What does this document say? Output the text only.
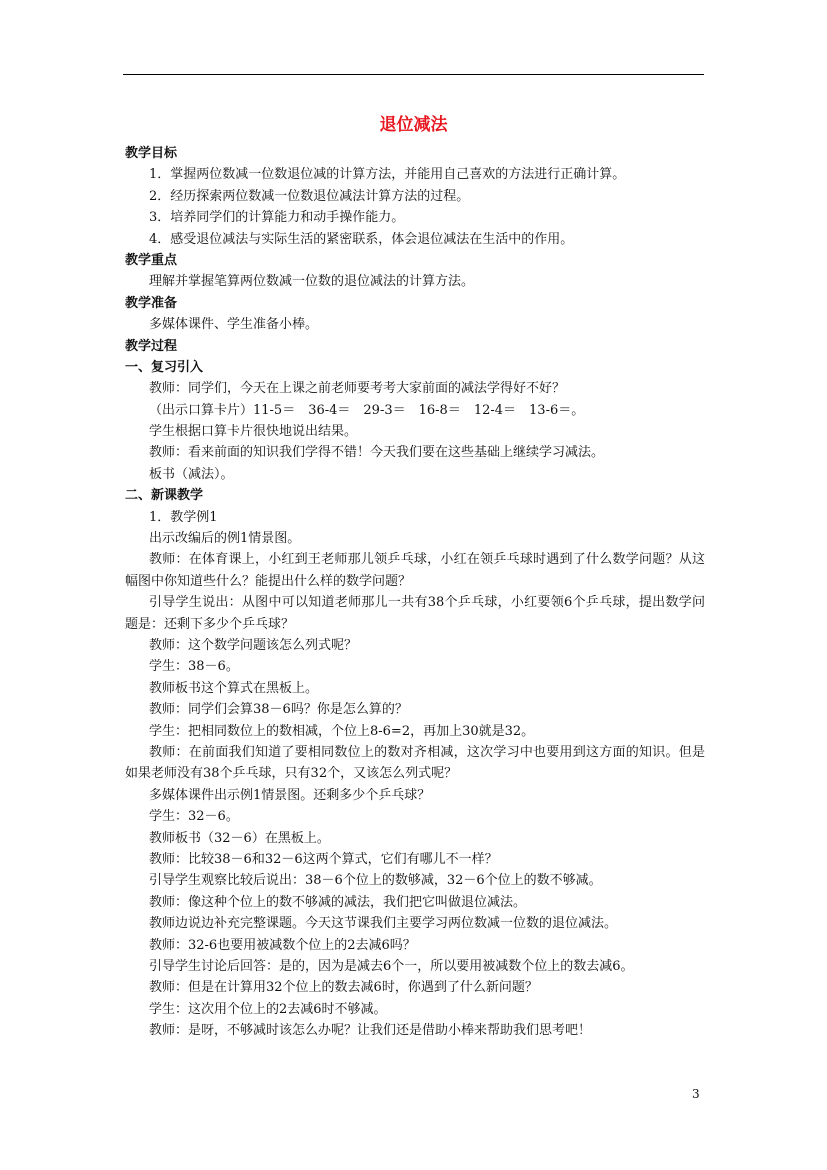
退位减法
教学目标
1．掌握两位数减一位数退位减的计算方法，并能用自己喜欢的方法进行正确计算。
2．经历探索两位数减一位数退位减法计算方法的过程。
3．培养同学们的计算能力和动手操作能力。
4．感受退位减法与实际生活的紧密联系，体会退位减法在生活中的作用。
教学重点
理解并掌握笔算两位数减一位数的退位减法的计算方法。
教学准备
多媒体课件、学生准备小棒。
教学过程
一、复习引入
教师：同学们，今天在上课之前老师要考考大家前面的减法学得好不好？
（出示口算卡片）11-5＝　36-4＝　29-3＝　16-8＝　12-4＝　13-6＝。
学生根据口算卡片很快地说出结果。
教师：看来前面的知识我们学得不错！今天我们要在这些基础上继续学习减法。
板书（减法）。
二、新课教学
1．教学例1
出示改编后的例1情景图。
教师：在体育课上，小红到王老师那儿领乒乓球，小红在领乒乓球时遇到了什么数学问题？从这幅图中你知道些什么？能提出什么样的数学问题？
引导学生说出：从图中可以知道老师那儿一共有38个乒乓球，小红要领6个乒乓球，提出数学问题是：还剩下多少个乒乓球？
教师：这个数学问题该怎么列式呢？
学生：38－6。
教师板书这个算式在黑板上。
教师：同学们会算38－6吗？你是怎么算的？
学生：把相同数位上的数相减，个位上8-6=2，再加上30就是32。
教师：在前面我们知道了要相同数位上的数对齐相减，这次学习中也要用到这方面的知识。但是如果老师没有38个乒乓球，只有32个，又该怎么列式呢？
多媒体课件出示例1情景图。还剩多少个乒乓球？
学生：32－6。
教师板书（32－6）在黑板上。
教师：比较38－6和32－6这两个算式，它们有哪儿不一样？
引导学生观察比较后说出：38－6个位上的数够减，32－6个位上的数不够减。
教师：像这种个位上的数不够减的减法，我们把它叫做退位减法。
教师边说边补充完整课题。今天这节课我们主要学习两位数减一位数的退位减法。
教师：32-6也要用被减数个位上的2去减6吗？
引导学生讨论后回答：是的，因为是减去6个一，所以要用被减数个位上的数去减6。
教师：但是在计算用32个位上的数去减6时，你遇到了什么新问题？
学生：这次用个位上的2去减6时不够减。
教师：是呀，不够减时该怎么办呢？让我们还是借助小棒来帮助我们思考吧！
3
